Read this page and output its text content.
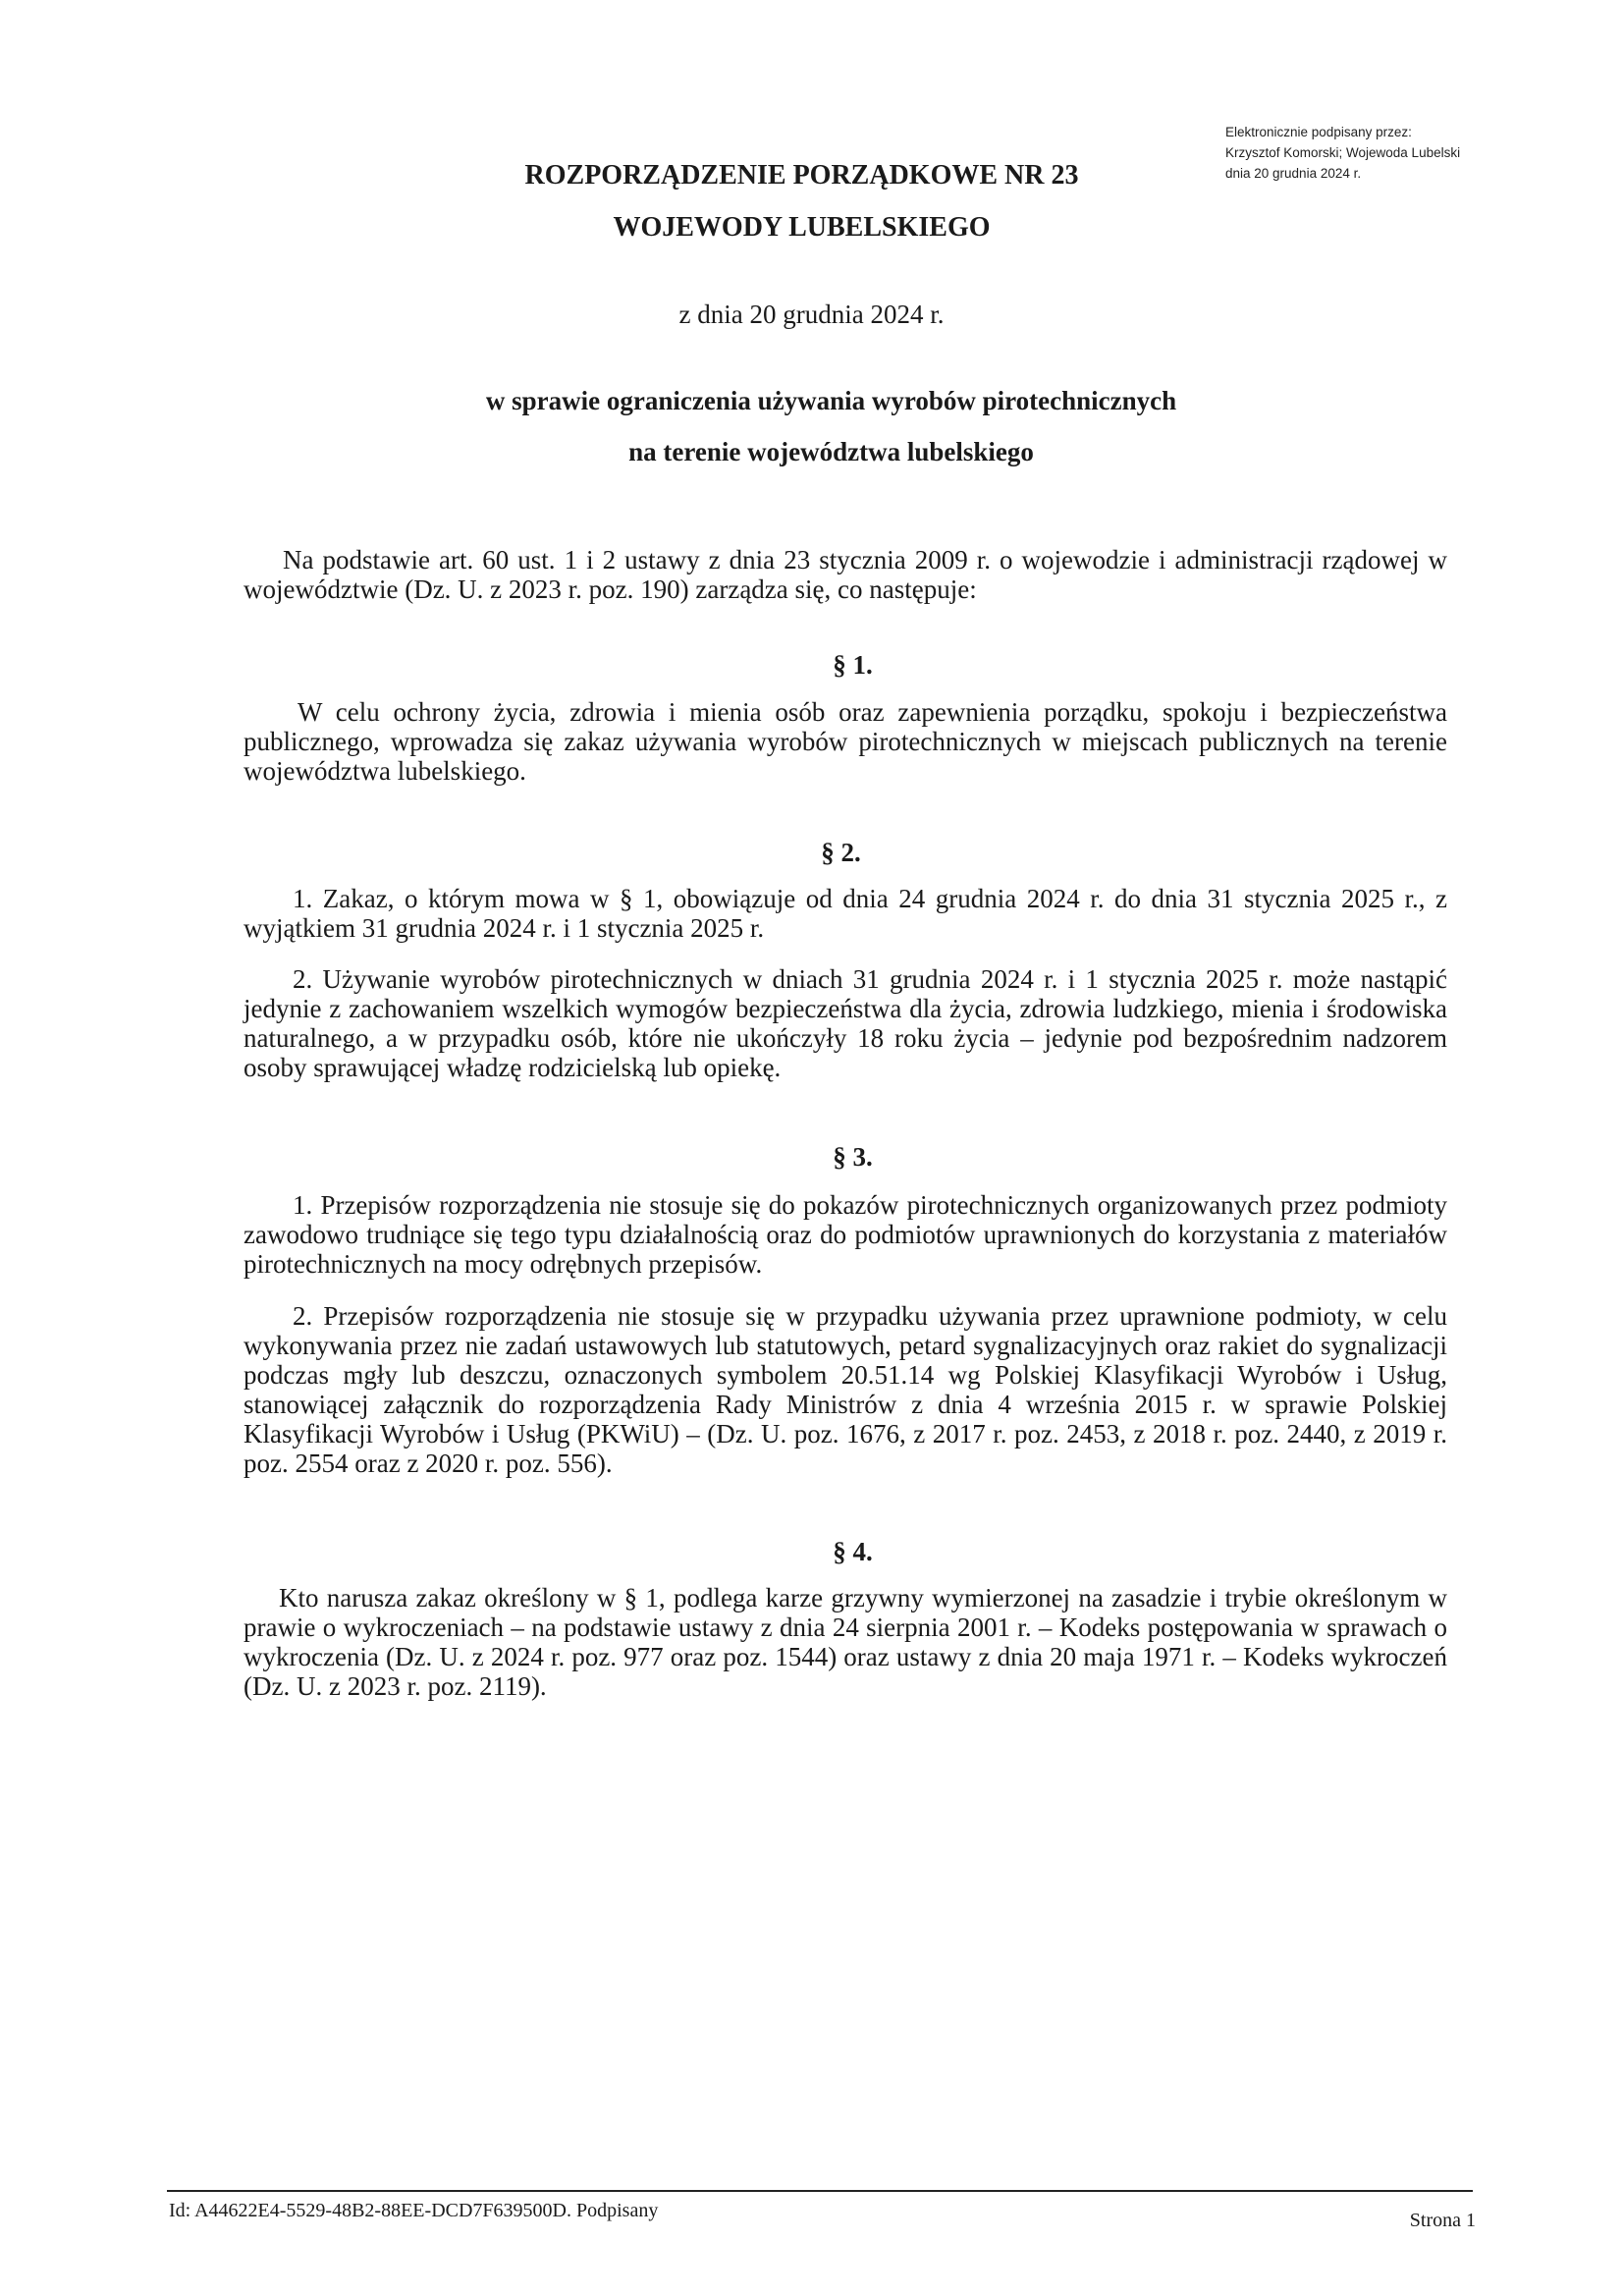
Elektronicznie podpisany przez:
Krzysztof Komorski; Wojewoda Lubelski
dnia 20 grudnia 2024 r.
ROZPORZĄDZENIE PORZĄDKOWE NR 23
WOJEWODY LUBELSKIEGO
z dnia 20 grudnia 2024 r.
w sprawie ograniczenia używania wyrobów pirotechnicznych
na terenie województwa lubelskiego

Na podstawie art. 60 ust. 1 i 2 ustawy z dnia 23 stycznia 2009 r. o wojewodzie i administracji rządowej w województwie (Dz. U. z 2023 r. poz. 190) zarządza się, co następuje:

§ 1.

W celu ochrony życia, zdrowia i mienia osób oraz zapewnienia porządku, spokoju i bezpieczeństwa publicznego, wprowadza się zakaz używania wyrobów pirotechnicznych w miejscach publicznych na terenie województwa lubelskiego.

§ 2.

1. Zakaz, o którym mowa w § 1, obowiązuje od dnia 24 grudnia 2024 r. do dnia 31 stycznia 2025 r., z wyjątkiem 31 grudnia 2024 r. i 1 stycznia 2025 r.

2. Używanie wyrobów pirotechnicznych w dniach 31 grudnia 2024 r. i 1 stycznia 2025 r. może nastąpić jedynie z zachowaniem wszelkich wymogów bezpieczeństwa dla życia, zdrowia ludzkiego, mienia i środowiska naturalnego, a w przypadku osób, które nie ukończyły 18 roku życia – jedynie pod bezpośrednim nadzorem osoby sprawującej władzę rodzicielską lub opiekę.

§ 3.

1. Przepisów rozporządzenia nie stosuje się do pokazów pirotechnicznych organizowanych przez podmioty zawodowo trudniące się tego typu działalnością oraz do podmiotów uprawnionych do korzystania z materiałów pirotechnicznych na mocy odrębnych przepisów.

2. Przepisów rozporządzenia nie stosuje się w przypadku używania przez uprawnione podmioty, w celu wykonywania przez nie zadań ustawowych lub statutowych, petard sygnalizacyjnych oraz rakiet do sygnalizacji podczas mgły lub deszczu, oznaczonych symbolem 20.51.14 wg Polskiej Klasyfikacji Wyrobów i Usług, stanowiącej załącznik do rozporządzenia Rady Ministrów z dnia 4 września 2015 r. w sprawie Polskiej Klasyfikacji Wyrobów i Usług (PKWiU) – (Dz. U. poz. 1676, z 2017 r. poz. 2453, z 2018 r. poz. 2440, z 2019 r. poz. 2554 oraz z 2020 r. poz. 556).

§ 4.

Kto narusza zakaz określony w § 1, podlega karze grzywny wymierzonej na zasadzie i trybie określonym w prawie o wykroczeniach – na podstawie ustawy z dnia 24 sierpnia 2001 r. – Kodeks postępowania w sprawach o wykroczenia (Dz. U. z 2024 r. poz. 977 oraz poz. 1544) oraz ustawy z dnia 20 maja 1971 r. – Kodeks wykroczeń (Dz. U. z 2023 r. poz. 2119).

Id: A44622E4-5529-48B2-88EE-DCD7F639500D. Podpisany	Strona 1
